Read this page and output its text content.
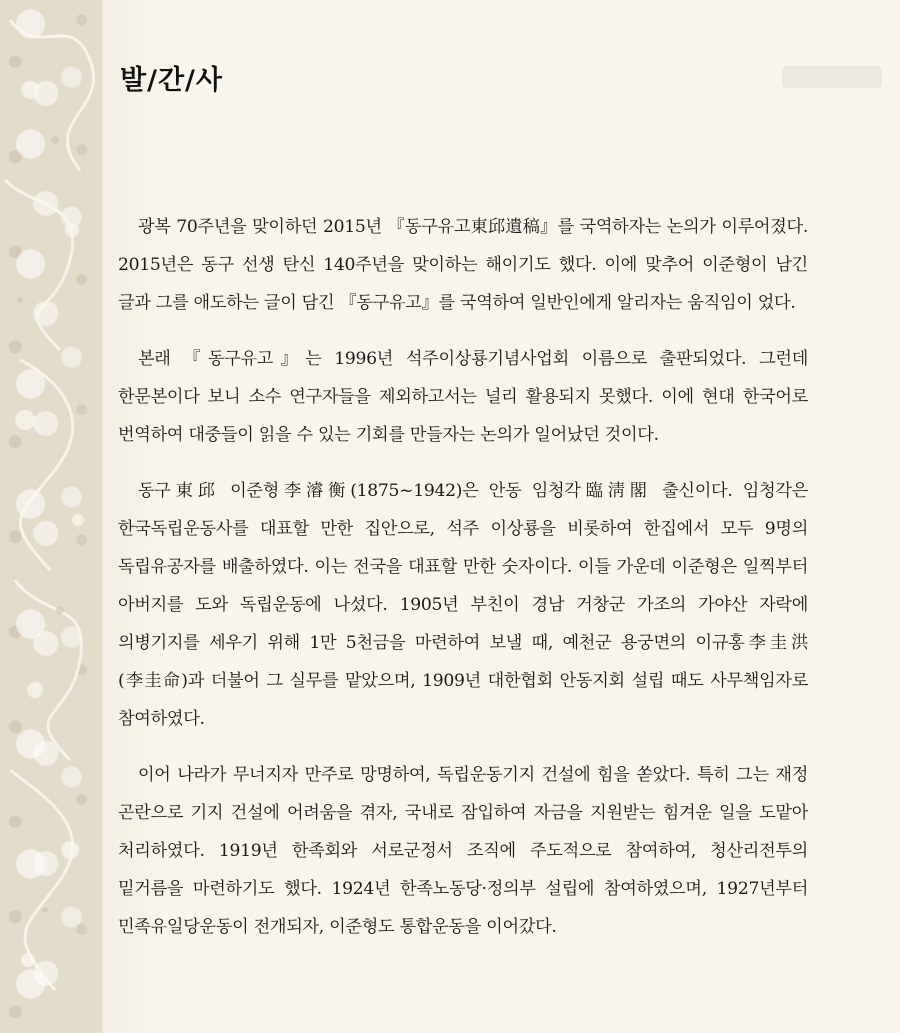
발/간/사

광복 70주년을 맞이하던 2015년 『동구유고東邱遺稿』를 국역하자는 논의가 이루어졌다. 2015년은 동구 선생 탄신 140주년을 맞이하는 해이기도 했다. 이에 맞추어 이준형이 남긴 글과 그를 애도하는 글이 담긴 『동구유고』를 국역하여 일반인에게 알리자는 움직임이 었다.

본래 『동구유고』는 1996년 석주이상룡기념사업회 이름으로 출판되었다. 그런데 한문본이다 보니 소수 연구자들을 제외하고서는 널리 활용되지 못했다. 이에 현대 한국어로 번역하여 대중들이 읽을 수 있는 기회를 만들자는 논의가 일어났던 것이다.

동구東邱 이준형李濬衡(1875~1942)은 안동 임청각臨淸閣 출신이다. 임청각은 한국독립운동사를 대표할 만한 집안으로, 석주 이상룡을 비롯하여 한집에서 모두 9명의 독립유공자를 배출하였다. 이는 전국을 대표할 만한 숫자이다. 이들 가운데 이준형은 일찍부터 아버지를 도와 독립운동에 나섰다. 1905년 부친이 경남 거창군 가조의 가야산 자락에 의병기지를 세우기 위해 1만 5천금을 마련하여 보낼 때, 예천군 용궁면의 이규홍李圭洪(李圭命)과 더불어 그 실무를 맡았으며, 1909년 대한협회 안동지회 설립 때도 사무책임자로 참여하였다.

이어 나라가 무너지자 만주로 망명하여, 독립운동기지 건설에 힘을 쏟았다. 특히 그는 재정 곤란으로 기지 건설에 어려움을 겪자, 국내로 잠입하여 자금을 지원받는 힘겨운 일을 도맡아 처리하였다. 1919년 한족회와 서로군정서 조직에 주도적으로 참여하여, 청산리전투의 밑거름을 마련하기도 했다. 1924년 한족노동당·정의부 설립에 참여하였으며, 1927년부터 민족유일당운동이 전개되자, 이준형도 통합운동을 이어갔다.
